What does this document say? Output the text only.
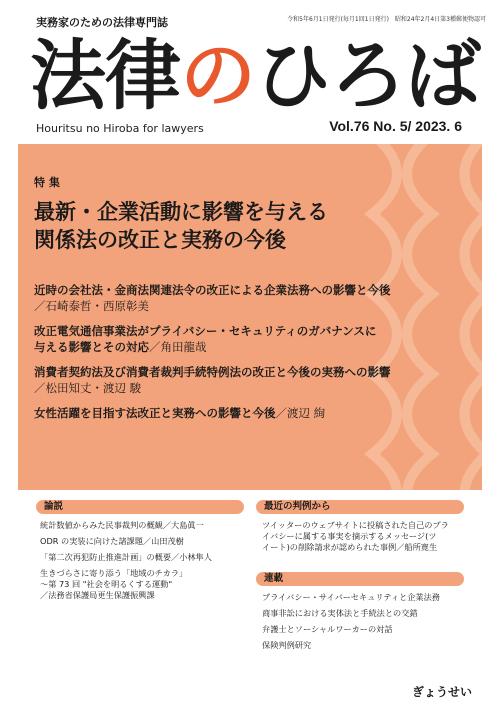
実務家のための法律専門誌	令和5年6月1日発行(毎月1回1日発行)　昭和24年2月4日第3種郵便物認可
法律のひろば
Houritsu no Hiroba for lawyers	Vol.76 No. 5/ 2023. 6
特 集
最新・企業活動に影響を与える
関係法の改正と実務の今後
近時の会社法・金商法関連法令の改正による企業法務への影響と今後
／石崎泰哲・西原彰美
改正電気通信事業法がプライバシー・セキュリティのガバナンスに
与える影響とその対応／角田龍哉
消費者契約法及び消費者裁判手続特例法の改正と今後の実務への影響
／松田知丈・渡辺 駿
女性活躍を目指す法改正と実務への影響と今後／渡辺 絢
論説
統計数値からみた民事裁判の概観／大島眞一
ODR の実装に向けた諸課題／山田茂樹
「第二次再犯防止推進計画」の概要／小林隼人
生きづらさに寄り添う「地域のチカラ」
～第 73 回 "社会を明るくする運動"
／法務省保護局更生保護振興課
最近の判例から
ツイッターのウェブサイトに投稿された自己のプラ
イバシーに属する事実を摘示するメッセージ(ツ
イート)の削除請求が認められた事例／船所寛生
連載
プライバシー・サイバーセキュリティと企業法務
商事非訟における実体法と手続法との交錯
弁護士とソーシャルワーカーの対話
保険判例研究
ぎょうせい
